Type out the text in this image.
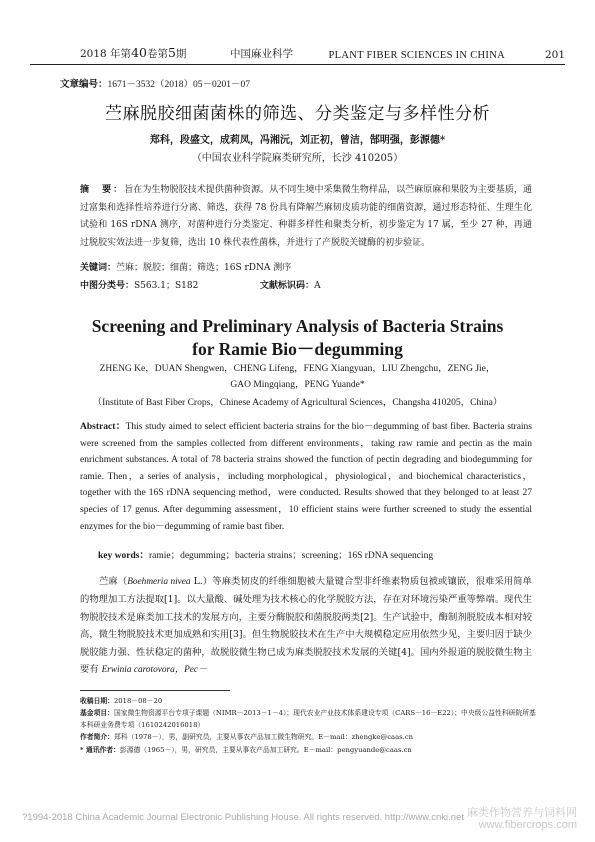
2018 年第40卷第5期	中国麻业科学	PLANT FIBER SCIENCES IN CHINA	201
文章编号：1671－3532（2018）05－0201－07
苎麻脱胶细菌菌株的筛选、分类鉴定与多样性分析
郑科，段盛文，成莉凤，冯湘沅，刘正初，曾洁，郜明强，彭源德*
（中国农业科学院麻类研究所，长沙 410205）
摘　要：旨在为生物脱胶技术提供菌种资源。从不同生境中采集微生物样品，以苎麻原麻和果胶为主要基质，通过富集和选择性培养进行分离、筛选，获得 78 份具有降解苎麻韧皮质功能的细菌资源，通过形态特征、生理生化试验和 16S rDNA 测序，对菌种进行分类鉴定、种群多样性和聚类分析，初步鉴定为 17 属，至少 27 种，再通过脱胶实效法进一步复筛，选出 10 株代表性菌株，并进行了产脱胶关键酶的初步验证。
关键词：苎麻；脱胶；细菌；筛选；16S rDNA 测序
中图分类号：S563.1；S182	文献标识码：A
Screening and Preliminary Analysis of Bacteria Strains
for Ramie Bio－degumming
ZHENG Ke，DUAN Shengwen，CHENG Lifeng，FENG Xiangyuan，LIU Zhengchu，ZENG Jie，
GAO Mingqiang，PENG Yuande*
（Institute of Bast Fiber Crops，Chinese Academy of Agricultural Sciences，Changsha 410205，China）
Abstract：This study aimed to select efficient bacteria strains for the bio－degumming of bast fiber. Bacteria strains were screened from the samples collected from different environments，taking raw ramie and pectin as the main enrichment substances. A total of 78 bacteria strains showed the function of pectin degrading and biodegumming for ramie. Then，a series of analysis，including morphological，physiological，and biochemical characteristics，together with the 16S rDNA sequencing method，were conducted. Results showed that they belonged to at least 27 species of 17 genus. After degumming assessment，10 efficient stains were further screened to study the essential enzymes for the bio－degumming of ramie bast fiber.
key words：ramie；degumming；bacteria strains；screening；16S rDNA sequencing
苎麻（Boehmeria nivea L.）等麻类韧皮的纤维细胞被大量键合型非纤维素物质包被或镶嵌，很难采用简单的物理加工方法提取[1]。以大量酸、碱处理为技术核心的化学脱胶方法，存在对环境污染严重等弊端。现代生物脱胶技术是麻类加工技术的发展方向，主要分酶脱胶和菌脱胶两类[2]。生产试验中，酶制剂脱胶成本相对较高，微生物脱胶技术更加成熟和实用[3]。但生物脱胶技术在生产中大规模稳定应用依然少见，主要归因于缺少脱胶能力强、性状稳定的菌种，故脱胶微生物已成为麻类脱胶技术发展的关键[4]。国内外报道的脱胶微生物主要有 Erwinia carotovora，Pec－
收稿日期：2018－08－20
基金项目：国家微生物资源平台专项子课题（NIMR－2013－1－4）；现代农业产业技术体系建设专项（CARS－16－E22）；中央级公益性科研院所基本科研业务费专项（1610242016018）
作者简介：郑科（1978－），男，副研究员，主要从事农产品加工微生物研究。E－mail：zhengke@caas.cn
* 通讯作者：彭源德（1965－），男，研究员，主要从事农产品加工研究。E－mail：pengyuande@caas.cn
?1994-2018 China Academic Journal Electronic Publishing House. All rights reserved. http://www.cnki.net 麻类作物营养与饲料网
www.fibercrops.com
